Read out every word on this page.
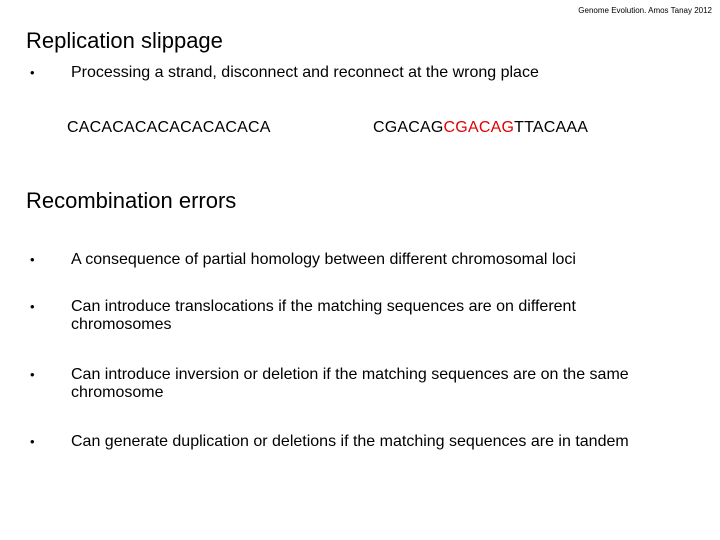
Genome Evolution. Amos Tanay 2012
Replication slippage
• Processing a strand, disconnect and reconnect at the wrong place
CACACACACACACACACA	CGACAGCGACAGTTACAAA
Recombination errors
• A consequence of partial homology between different chromosomal loci
• Can introduce translocations if the matching sequences are on different chromosomes
• Can introduce inversion or deletion if the matching sequences are on the same chromosome
• Can generate duplication or deletions if the matching sequences are in tandem
